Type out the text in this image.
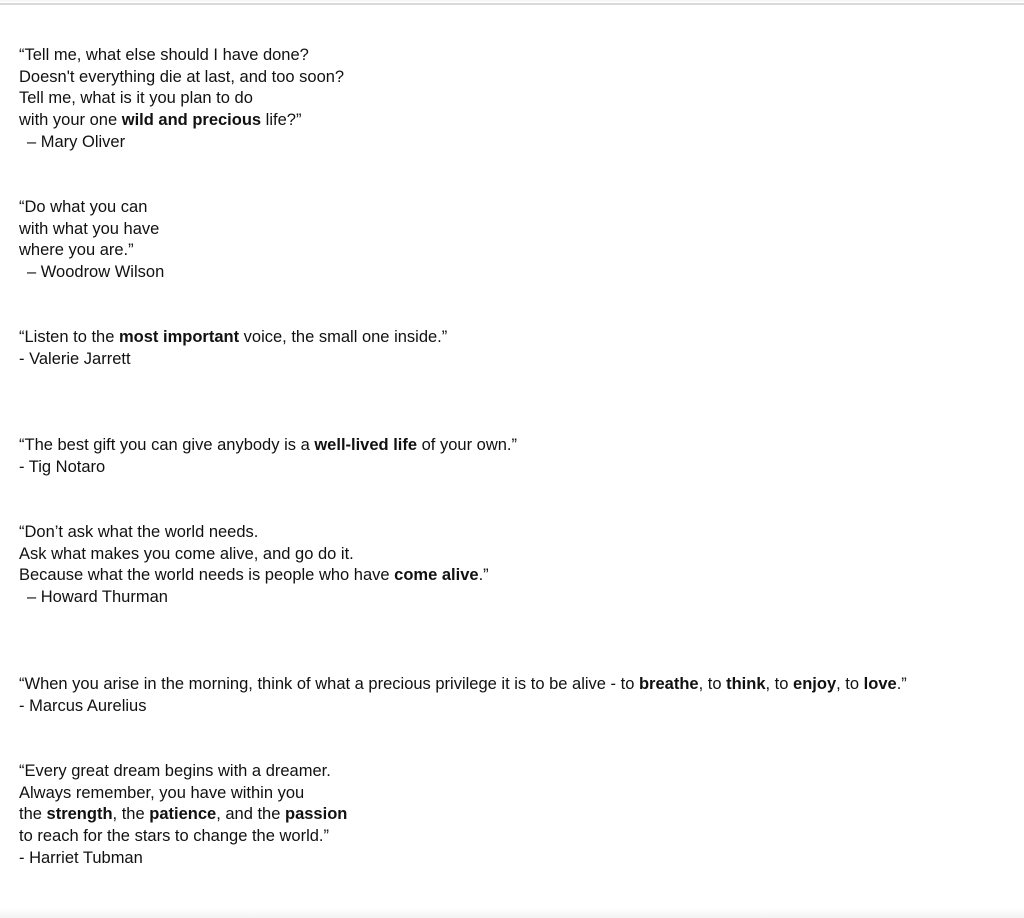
“Tell me, what else should I have done?
Doesn't everything die at last, and too soon?
Tell me, what is it you plan to do
with your one wild and precious life?”
– Mary Oliver
“Do what you can
with what you have
where you are.”
– Woodrow Wilson
“Listen to the most important voice, the small one inside.”
- Valerie Jarrett
“The best gift you can give anybody is a well-lived life of your own.”
- Tig Notaro
“Don’t ask what the world needs.
Ask what makes you come alive, and go do it.
Because what the world needs is people who have come alive.”
– Howard Thurman
“When you arise in the morning, think of what a precious privilege it is to be alive - to breathe, to think, to enjoy, to love.”
- Marcus Aurelius
“Every great dream begins with a dreamer.
Always remember, you have within you
the strength, the patience, and the passion
to reach for the stars to change the world.”
- Harriet Tubman
